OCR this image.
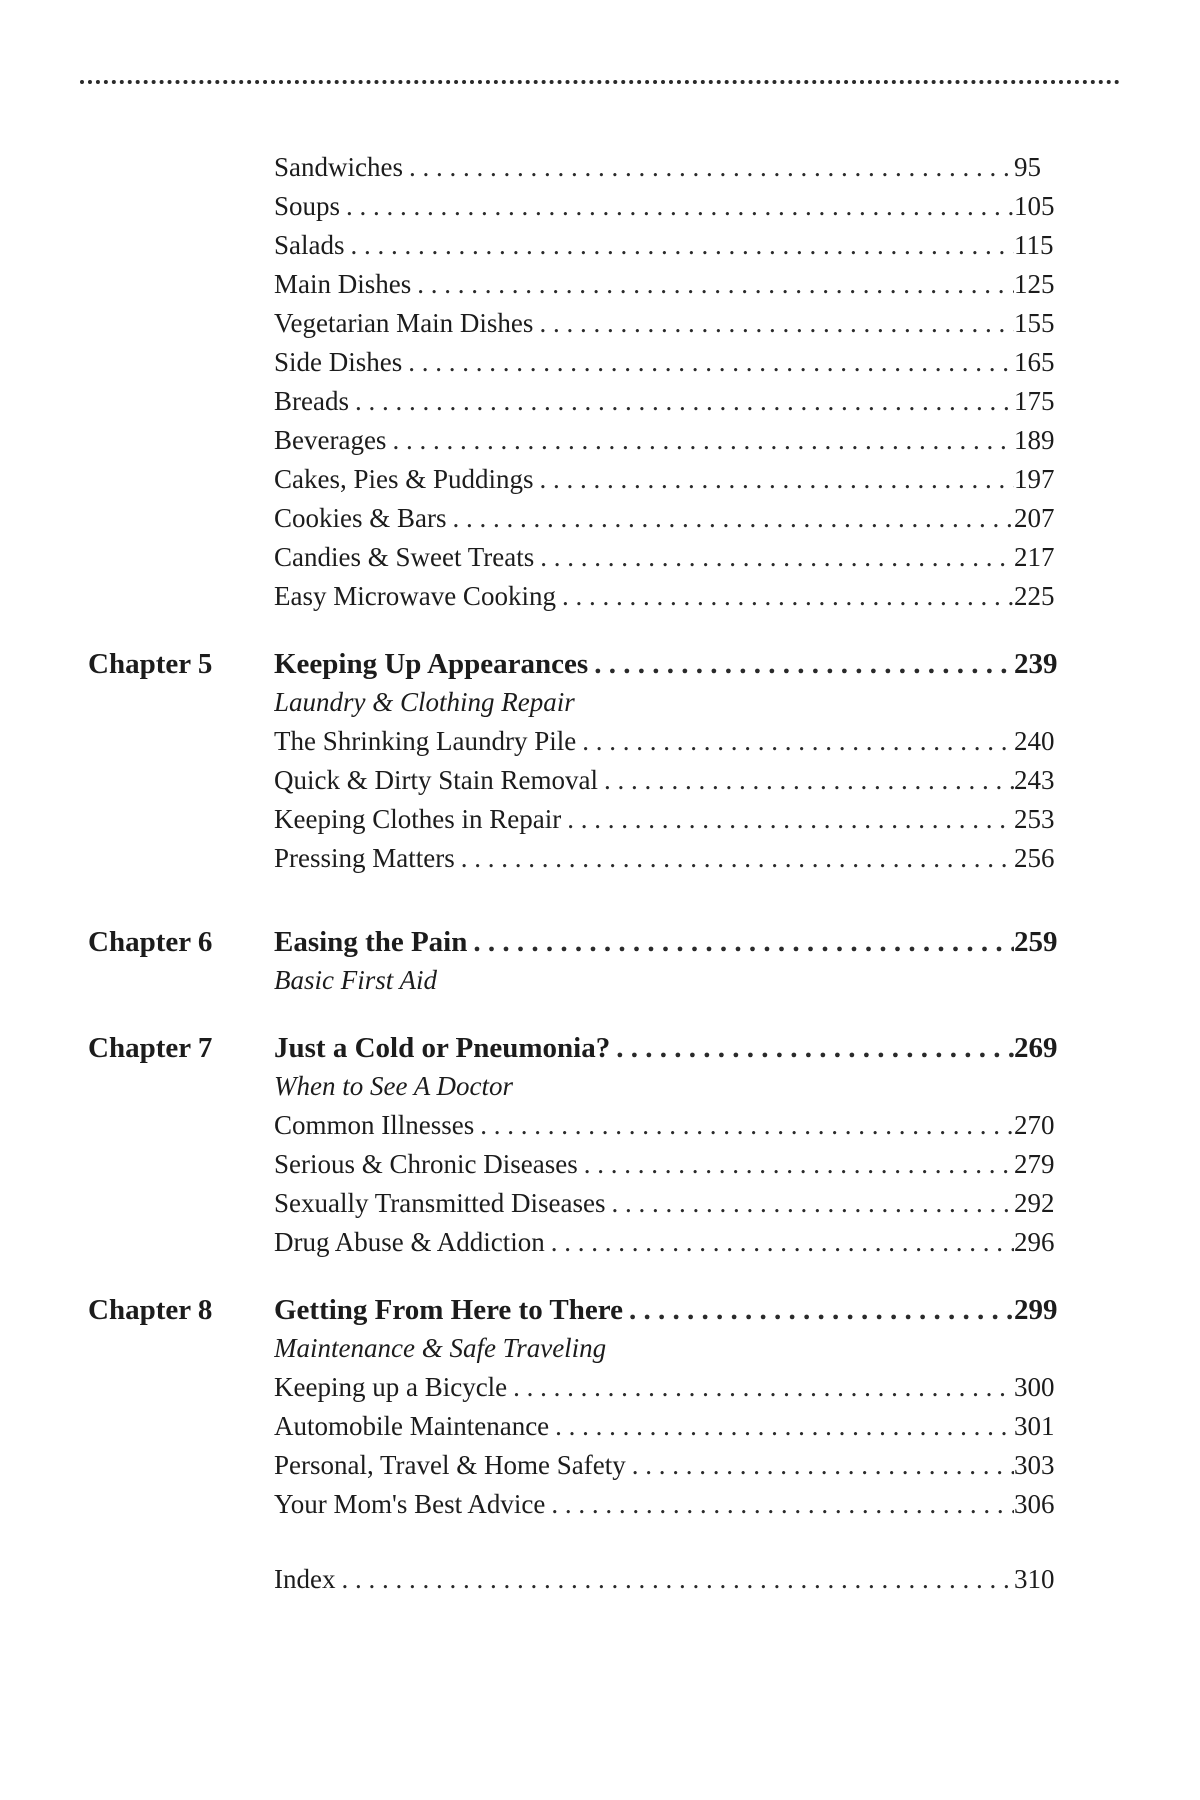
Sandwiches . . .	95
Soups . . .	105
Salads . . .	115
Main Dishes . . .	125
Vegetarian Main Dishes . . .	155
Side Dishes . . .	165
Breads . . .	175
Beverages . . .	189
Cakes, Pies & Puddings . . .	197
Cookies & Bars . . .	207
Candies & Sweet Treats . . .	217
Easy Microwave Cooking . . .	225
Chapter 5	Keeping Up Appearances . . .	239
Laundry & Clothing Repair
The Shrinking Laundry Pile . . .	240
Quick & Dirty Stain Removal . . .	243
Keeping Clothes in Repair . . .	253
Pressing Matters . . .	256
Chapter 6	Easing the Pain . . .	259
Basic First Aid
Chapter 7	Just a Cold or Pneumonia? . . .	269
When to See A Doctor
Common Illnesses . . .	270
Serious & Chronic Diseases . . .	279
Sexually Transmitted Diseases . . .	292
Drug Abuse & Addiction . . .	296
Chapter 8	Getting From Here to There . . .	299
Maintenance & Safe Traveling
Keeping up a Bicycle . . .	300
Automobile Maintenance . . .	301
Personal, Travel & Home Safety . . .	303
Your Mom's Best Advice . . .	306
Index . . .	310
